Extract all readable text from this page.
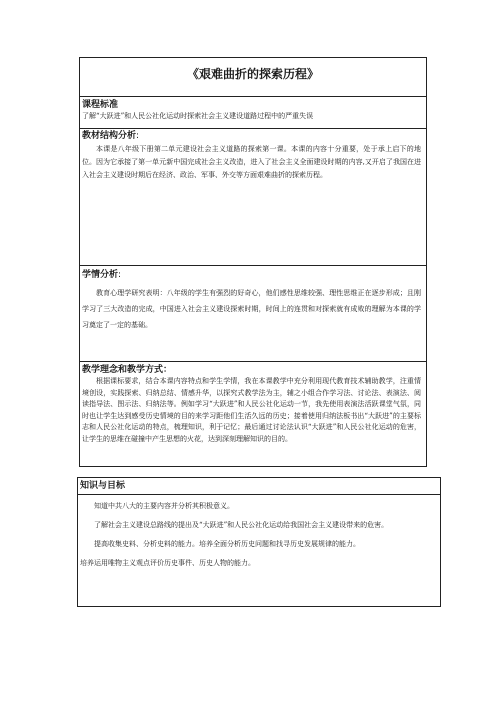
《艰难曲折的探索历程》
课程标准
了解“大跃进”和人民公社化运动时探索社会主义建设道路过程中的严重失误
教材结构分析:
本课是八年级下册第二单元建设社会主义道路的探索第一课。本课的内容十分重要，处于承上启下的地位。因为它承接了第一单元新中国完成社会主义改造，进入了社会主义全面建设时期的内容,又开启了我国在进入社会主义建设时期后在经济、政治、军事、外交等方面艰难曲折的探索历程。
学情分析:
教育心理学研究表明：八年级的学生有强烈的好奇心，他们感性思维较强、理性思维正在逐步形成；且刚学习了三大改造的完成，中国进入社会主义建设探索时期，时间上的连贯和对探索就有成败的理解为本课的学习奠定了一定的基础。
教学理念和教学方式：
根据课标要求，结合本课内容特点和学生学情，我在本课教学中充分利用现代教育技术辅助教学，注重情境创设，实践探索、归纳总结、情感升华，以探究式教学法为主，辅之小组合作学习法、讨论法、表演法、阅读指导法、图示法、归纳法等。例如学习“大跃进”和人民公社化运动一节，我先使用表演法活跃课堂气氛，同时也让学生达到感受历史情境的目的来学习距他们生活久远的历史；接着使用归纳法板书出“大跃进”的主要标志和人民公社化运动的特点，梳理知识，利于记忆；最后通过讨论法认识“大跃进”和人民公社化运动的危害，让学生的思维在碰撞中产生思想的火花，达到深刻理解知识的目的。
知识与目标

知道中共八大的主要内容并分析其积极意义。

了解社会主义建设总路线的提出及“大跃进”和人民公社化运动给我国社会主义建设带来的危害。

提高收集史料、分析史料的能力。培养全面分析历史问题和找寻历史发展规律的能力。

培养运用唯物主义观点评价历史事件、历史人物的能力。
